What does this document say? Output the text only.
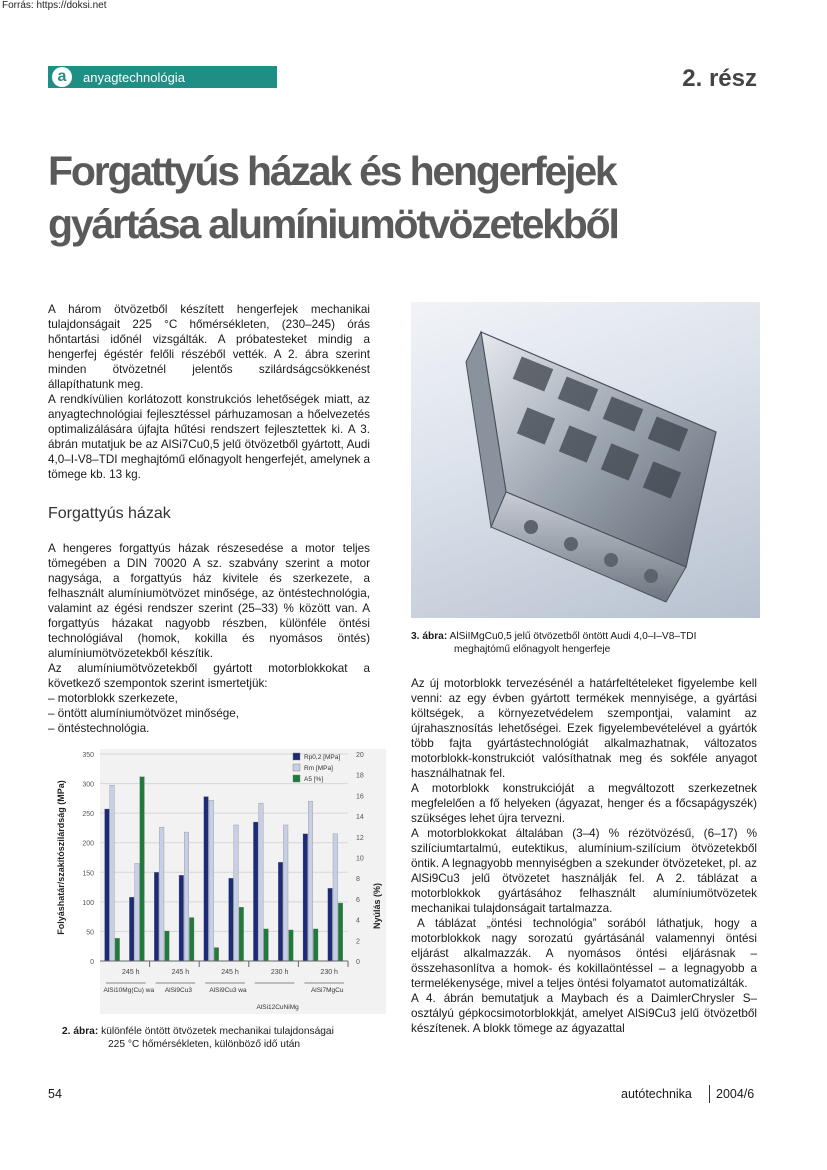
Forrás: https://doksi.net
a	anyagtechnológia	2. rész
Forgattyús házak és hengerfejek
gyártása alumíniumötvözetekből

A három ötvözetből készített hengerfejek mechanikai tulajdonságait 225 °C hőmérsékleten, (230–245) órás hőntartási időnél vizsgálták. A próbatesteket mindig a hengerfej égéstér felőli részéből vették. A 2. ábra szerint minden ötvözetnél jelentős szilárdságcsökkenést állapíthatunk meg.

A rendkívülien korlátozott konstrukciós lehetőségek miatt, az anyagtechnológiai fejlesztéssel párhuzamosan a hőelvezetés optimalizálására újfajta hűtési rendszert fejlesztettek ki. A 3. ábrán mutatjuk be az AlSi7Cu0,5 jelű ötvözetből gyártott, Audi 4,0–I-V8–TDI meghajtómű előnagyolt hengerfejét, amelynek a tömege kb. 13 kg.

Forgattyús házak

A hengeres forgattyús házak részesedése a motor teljes tömegében a DIN 70020 A sz. szabvány szerint a motor nagysága, a forgattyús ház kivitele és szerkezete, a felhasznált alumíniumötvözet minősége, az öntéstechnológia, valamint az égési rendszer szerint (25–33) % között van. A forgattyús házakat nagyobb részben, különféle öntési technológiával (homok, kokilla és nyomásos öntés) alumíniumötvözetekből készítik.

Az alumíniumötvözetekből gyártott motorblokkokat a következő szempontok szerint ismertetjük:

– motorblokk szerkezete,

– öntött alumíniumötvözet minősége,

– öntéstechnológia.

0
50
100
150
200
250
300
350
0
2
4
6
8
10
12
14
16
18
20
245 h	245 h	245 h	230 h	230 h
AlSi10Mg(Cu) wa AlSi9Cu3	AlSi9Cu3 wa
AlSi12CuNiMg
AlSi7MgCu
Folyáshatár/szakítószilárdság (MPa)	Nyúlás (%)
Rp0,2 [MPa]
Rm [MPa]
A5 [%]
2. ábra: különféle öntött ötvözetek mechanikai tulajdonságai
225 °C hőmérsékleten, különböző idő után
3. ábra: AlSiIMgCu0,5 jelű ötvözetből öntött Audi 4,0–I–V8–TDI
meghajtómű előnagyolt hengerfeje

Az új motorblokk tervezésénél a határfeltételeket figyelembe kell venni: az egy évben gyártott termékek mennyisége, a gyártási költségek, a környezetvédelem szempontjai, valamint az újrahasznosítás lehetőségei. Ezek figyelembevételével a gyártók több fajta gyártástechnológiát alkalmazhatnak, változatos motorblokk-konstrukciót valósíthatnak meg és sokféle anyagot használhatnak fel.

A motorblokk konstrukcióját a megváltozott szerkezetnek megfelelően a fő helyeken (ágyazat, henger és a főcsapágyszék) szükséges lehet újra tervezni.

A motorblokkokat általában (3–4) % rézötvözésű, (6–17) % szilíciumtartalmú, eutektikus, alumínium-szilícium ötvözetekből öntik. A legnagyobb mennyiségben a szekunder ötvözeteket, pl. az AlSi9Cu3 jelű ötvözetet használják fel. A 2. táblázat a motorblokkok gyártásához felhasznált alumíniumötvözetek mechanikai tulajdonságait tartalmazza.

A táblázat „öntési technológia” sorából láthatjuk, hogy a motorblokkok nagy sorozatú gyártásánál valamennyi öntési eljárást alkalmazzák. A nyomásos öntési eljárásnak – összehasonlítva a homok- és kokillaöntéssel – a legnagyobb a termelékenysége, mivel a teljes öntési folyamatot automatizálták.

A 4. ábrán bemutatjuk a Maybach és a DaimlerChrysler S–osztályú gépkocsimotorblokkját, amelyet AlSi9Cu3 jelű ötvözetből készítenek. A blokk tömege az ágyazattal

54	autótechnika 2004/6
